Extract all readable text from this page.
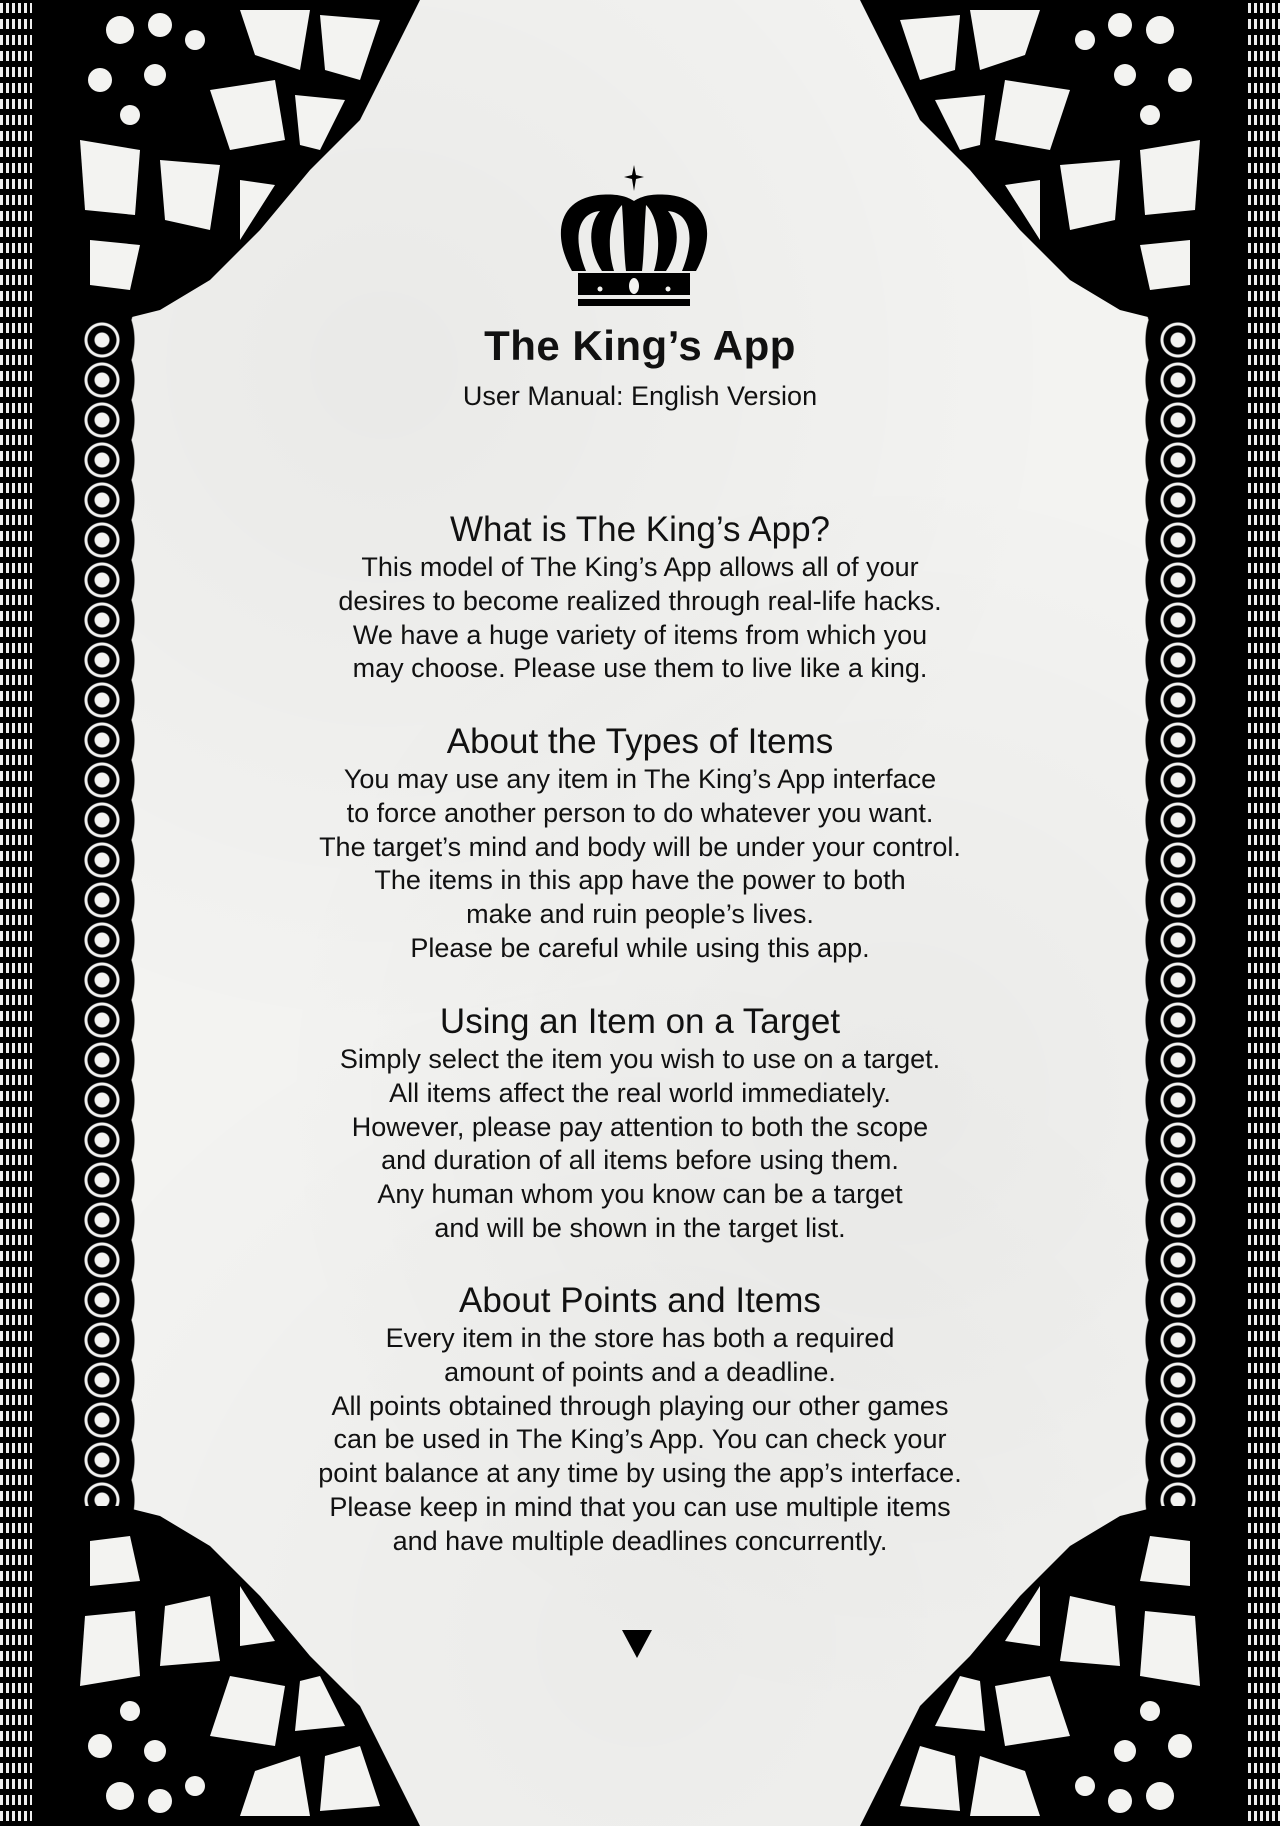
The King’s App
User Manual: English Version
What is The King’s App?

This model of The King’s App allows all of your

desires to become realized through real-life hacks.

We have a huge variety of items from which you

may choose. Please use them to live like a king.

About the Types of Items

You may use any item in The King’s App interface

to force another person to do whatever you want.

The target’s mind and body will be under your control.

The items in this app have the power to both

make and ruin people’s lives.

Please be careful while using this app.

Using an Item on a Target

Simply select the item you wish to use on a target.

All items affect the real world immediately.

However, please pay attention to both the scope

and duration of all items before using them.

Any human whom you know can be a target

and will be shown in the target list.

About Points and Items

Every item in the store has both a required

amount of points and a deadline.

All points obtained through playing our other games

can be used in The King’s App. You can check your

point balance at any time by using the app’s interface.

Please keep in mind that you can use multiple items

and have multiple deadlines concurrently.
